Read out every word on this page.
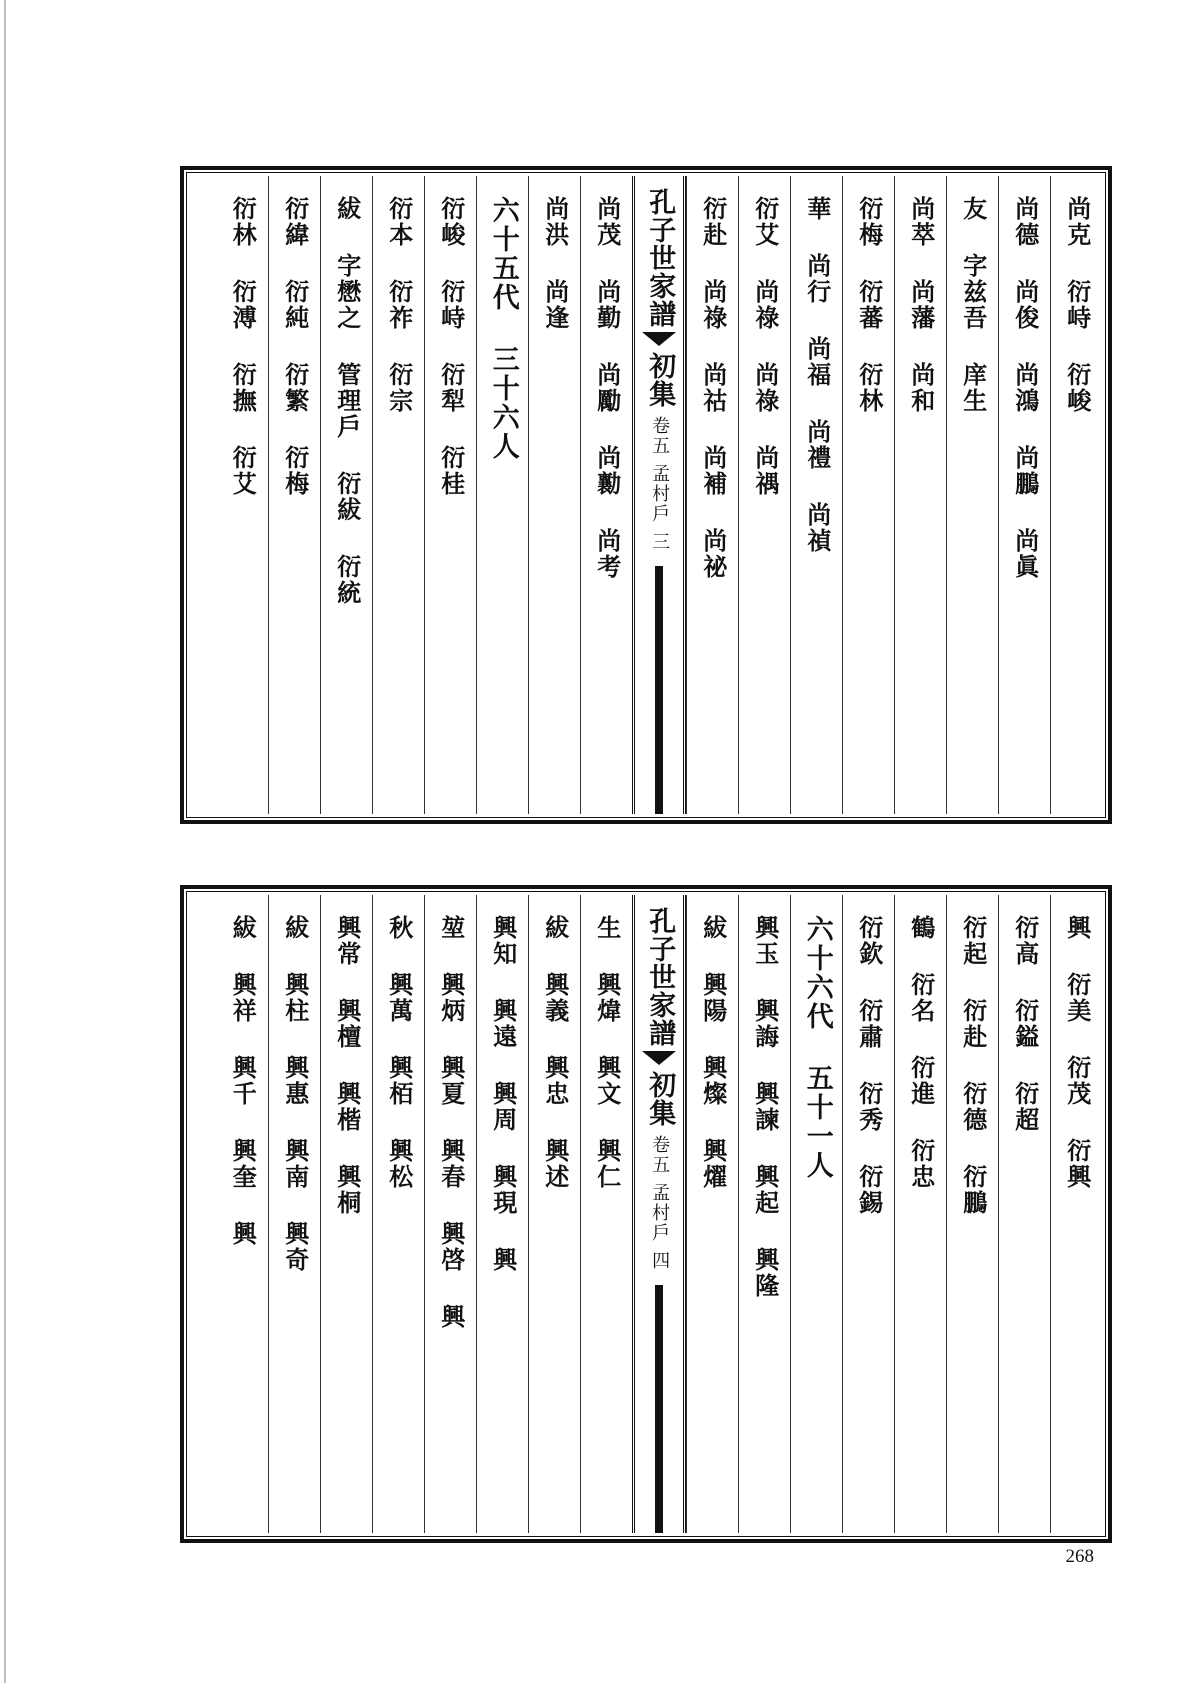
尚克 衍峙 衍峻
尚德 尚俊 尚鴻 尚鵬 尚眞
友 字兹吾 庠生
尚萃 尚藩 尚和
衍梅 衍蕃 衍林
華 尚行 尚福 尚禮 尚禎
衍艾 尚祿 尚祿 尚禑
衍赴 尚祿 尚祜 尚補 尚祕
孔子世家譜
初集
卷五
孟村戶
三
尚茂 尚勤 尚勵 尚勷 尚考
尚洪 尚逢
六十五代 三十六人
衍峻 衍峙 衍犁 衍桂
衍本 衍祚 衍宗
紱 字懋之 管理戶 衍紱 衍統
衍緯 衍純 衍繁 衍梅
衍林 衍溥 衍撫 衍艾
興 衍美 衍茂 衍興
衍高 衍鎰 衍超
衍起 衍赴 衍德 衍鵬
鶴 衍名 衍進 衍忠
衍欽 衍肅 衍秀 衍錫
六十六代 五十一人
興玉 興誨 興諫 興起 興隆
紱 興陽 興燦 興燿
孔子世家譜
初集
卷五
孟村戶
四
生 興煒 興文 興仁
紱 興義 興忠 興述
興知 興遠 興周 興現 興
堃 興炳 興夏 興春 興啓 興
秋 興萬 興栢 興松
興常 興檀 興楷 興桐
紱 興柱 興惠 興南 興奇
紱 興祥 興千 興奎 興
268
